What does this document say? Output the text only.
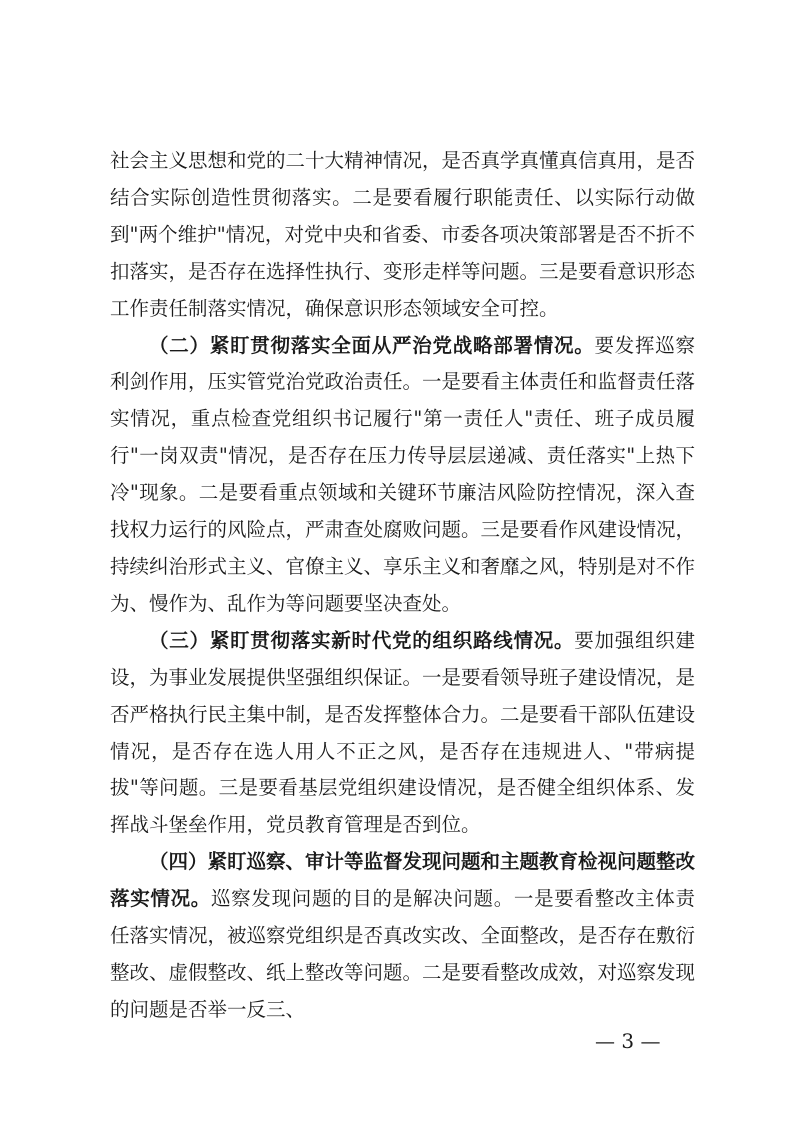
社会主义思想和党的二十大精神情况，是否真学真懂真信真用，是否结合实际创造性贯彻落实。二是要看履行职能责任、以实际行动做到"两个维护"情况，对党中央和省委、市委各项决策部署是否不折不扣落实，是否存在选择性执行、变形走样等问题。三是要看意识形态工作责任制落实情况，确保意识形态领域安全可控。

（二）紧盯贯彻落实全面从严治党战略部署情况。要发挥巡察利剑作用，压实管党治党政治责任。一是要看主体责任和监督责任落实情况，重点检查党组织书记履行"第一责任人"责任、班子成员履行"一岗双责"情况，是否存在压力传导层层递减、责任落实"上热下冷"现象。二是要看重点领域和关键环节廉洁风险防控情况，深入查找权力运行的风险点，严肃查处腐败问题。三是要看作风建设情况，持续纠治形式主义、官僚主义、享乐主义和奢靡之风，特别是对不作为、慢作为、乱作为等问题要坚决查处。

（三）紧盯贯彻落实新时代党的组织路线情况。要加强组织建设，为事业发展提供坚强组织保证。一是要看领导班子建设情况，是否严格执行民主集中制，是否发挥整体合力。二是要看干部队伍建设情况，是否存在选人用人不正之风，是否存在违规进人、"带病提拔"等问题。三是要看基层党组织建设情况，是否健全组织体系、发挥战斗堡垒作用，党员教育管理是否到位。

（四）紧盯巡察、审计等监督发现问题和主题教育检视问题整改落实情况。巡察发现问题的目的是解决问题。一是要看整改主体责任落实情况，被巡察党组织是否真改实改、全面整改，是否存在敷衍整改、虚假整改、纸上整改等问题。二是要看整改成效，对巡察发现的问题是否举一反三、

— 3 —
